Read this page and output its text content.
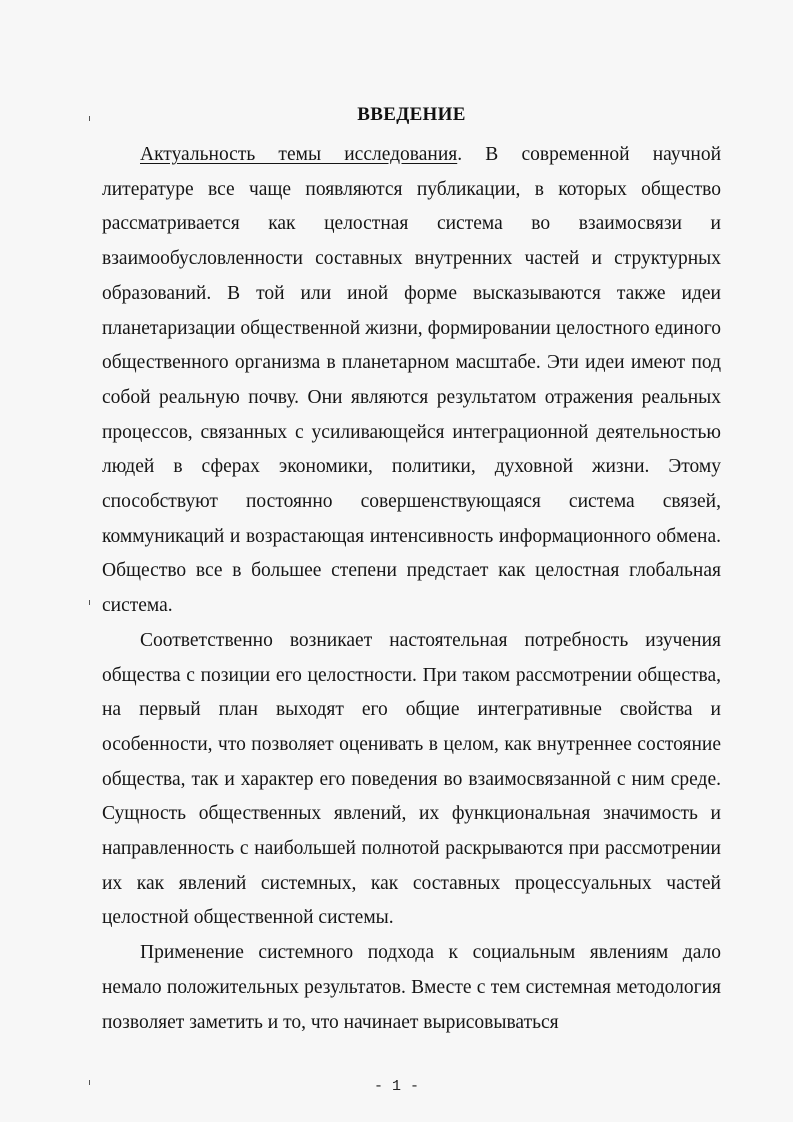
ВВЕДЕНИЕ

Актуальность темы исследования. В современной научной литературе все чаще появляются публикации, в которых общество рассматривается как целостная система во взаимосвязи и взаимообусловленности составных внутренних частей и структурных образований. В той или иной форме высказываются также идеи планетаризации общественной жизни, формировании целостного единого общественного организма в планетарном масштабе. Эти идеи имеют под собой реальную почву. Они являются результатом отражения реальных процессов, связанных с усиливающейся интеграционной деятельностью людей в сферах экономики, политики, духовной жизни. Этому способствуют постоянно совершенствующаяся система связей, коммуникаций и возрастающая интенсивность информационного обмена. Общество все в большее степени предстает как целостная глобальная система.

Соответственно возникает настоятельная потребность изучения общества с позиции его целостности. При таком рассмотрении общества, на первый план выходят его общие интегративные свойства и особенности, что позволяет оценивать в целом, как внутреннее состояние общества, так и характер его поведения во взаимосвязанной с ним среде. Сущность общественных явлений, их функциональная значимость и направленность с наибольшей полнотой раскрываются при рассмотрении их как явлений системных, как составных процессуальных частей целостной общественной системы.

Применение системного подхода к социальным явлениям дало немало положительных результатов. Вместе с тем системная методология позволяет заметить и то, что начинает вырисовываться

- 1 -
